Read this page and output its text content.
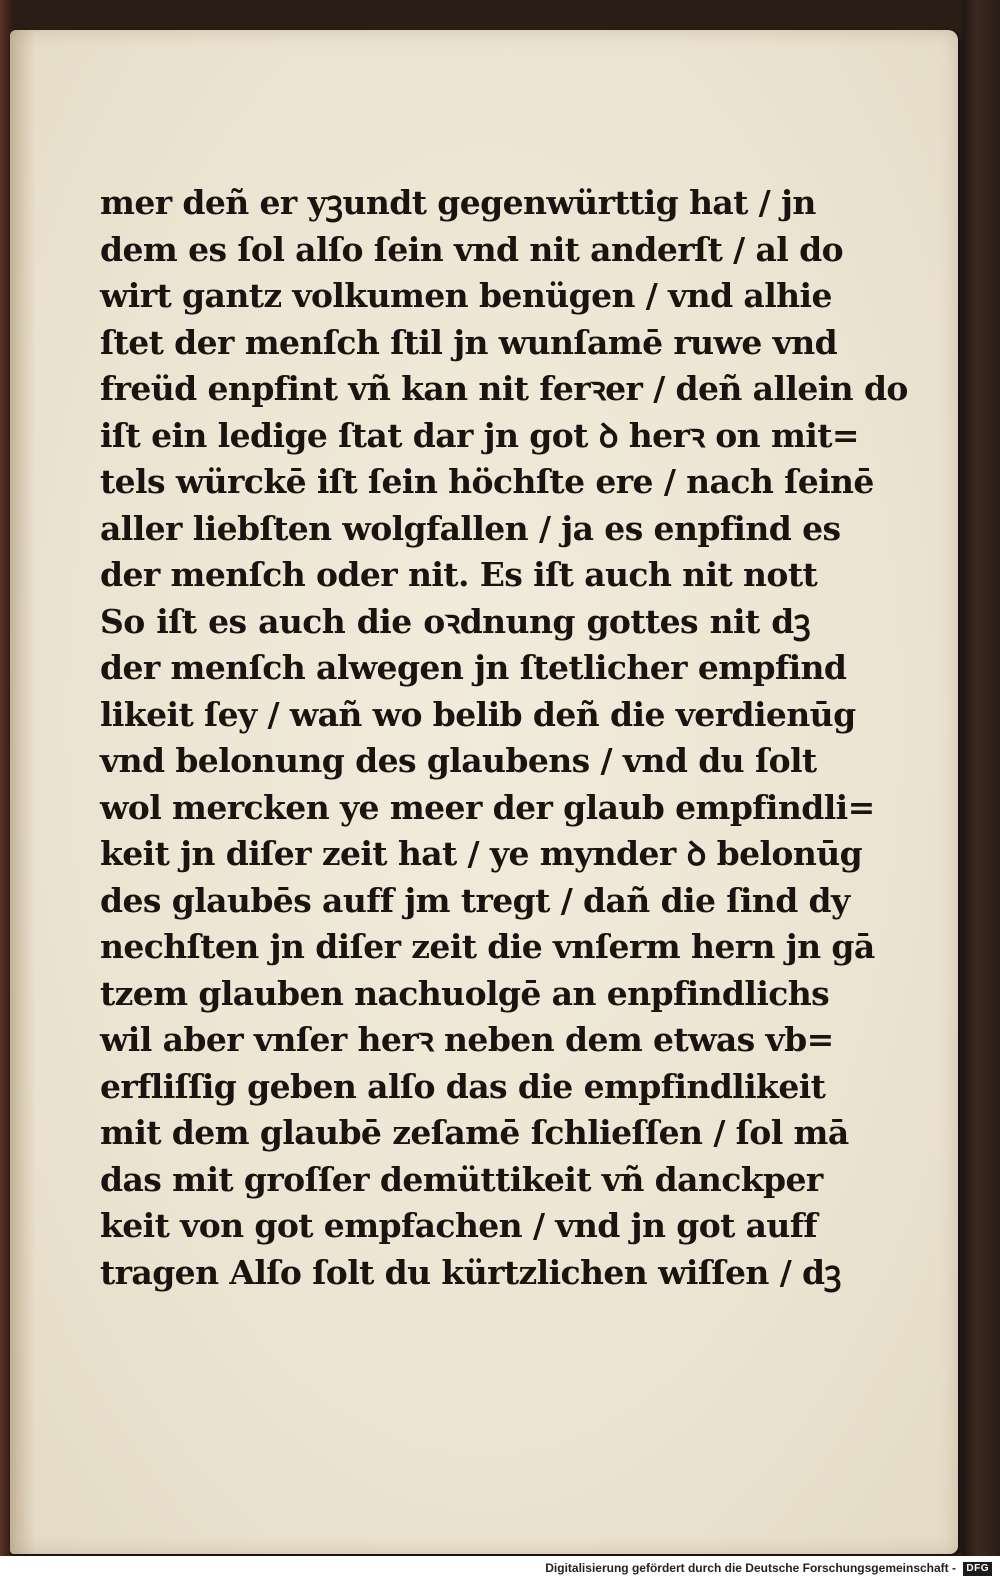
mer deñ er yꝫundt gegenwürttig hat / jn
dem es ſol alſo ſein vnd nit anderſt / al do
wirt gantz volkumen benügen / vnd alhie
ſtet der menſch ſtil jn wunſamē ruwe vnd
freüd enpfint vñ kan nit ferꝛer / deñ allein do
iſt ein ledige ſtat dar jn got ꝺ herꝛ on mit=
tels würckē iſt ſein höchſte ere / nach ſeinē
aller liebſten wolgfallen / ja es enpfind es
der menſch oder nit. Es iſt auch nit nott
So iſt es auch die oꝛdnung gottes nit dꝫ
der menſch alwegen jn ſtetlicher empfind
likeit ſey / wañ wo belib deñ die verdienūg
vnd belonung des glaubens / vnd du ſolt
wol mercken ye meer der glaub empfindli=
keit jn diſer zeit hat / ye mynder ꝺ belonūg
des glaubēs auff jm tregt / dañ die ſind dy
nechſten jn diſer zeit die vnſerm hern jn gā
tzem glauben nachuolgē an enpfindlichs
wil aber vnſer herꝛ neben dem etwas vb=
erfliſſig geben alſo das die empfindlikeit
mit dem glaubē zeſamē ſchlieſſen / ſol mā
das mit groſſer demüttikeit vñ danckper
keit von got empfachen / vnd jn got auff
tragen Alſo ſolt du kürtzlichen wiſſen / dꝫ
Digitalisierung gefördert durch die Deutsche Forschungsgemeinschaft -	DFG
